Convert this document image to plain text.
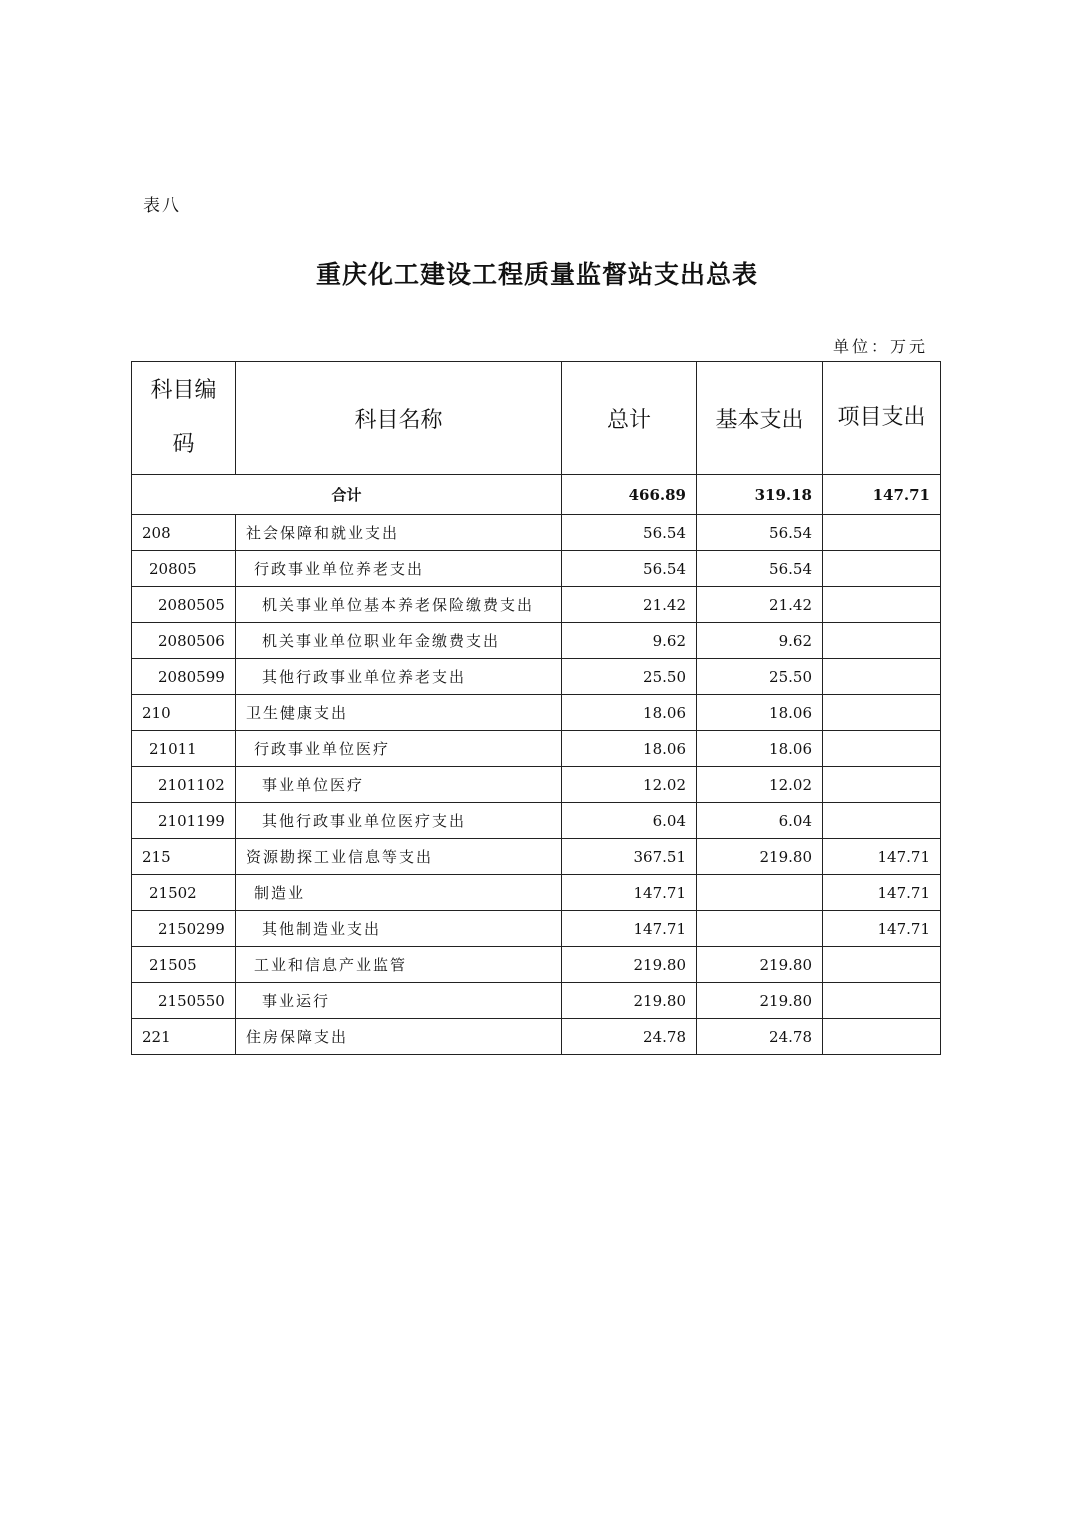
表八
重庆化工建设工程质量监督站支出总表
单位：万元
科目编码	科目名称	总计	基本支出	项目支出
合计		466.89	319.18	147.71
208	社会保障和就业支出	56.54	56.54	
20805	行政事业单位养老支出	56.54	56.54	
2080505	机关事业单位基本养老保险缴费支出	21.42	21.42	
2080506	机关事业单位职业年金缴费支出	9.62	9.62	
2080599	其他行政事业单位养老支出	25.50	25.50	
210	卫生健康支出	18.06	18.06	
21011	行政事业单位医疗	18.06	18.06	
2101102	事业单位医疗	12.02	12.02	
2101199	其他行政事业单位医疗支出	6.04	6.04	
215	资源勘探工业信息等支出	367.51	219.80	147.71
21502	制造业	147.71		147.71
2150299	其他制造业支出	147.71		147.71
21505	工业和信息产业监管	219.80	219.80	
2150550	事业运行	219.80	219.80	
221	住房保障支出	24.78	24.78	
